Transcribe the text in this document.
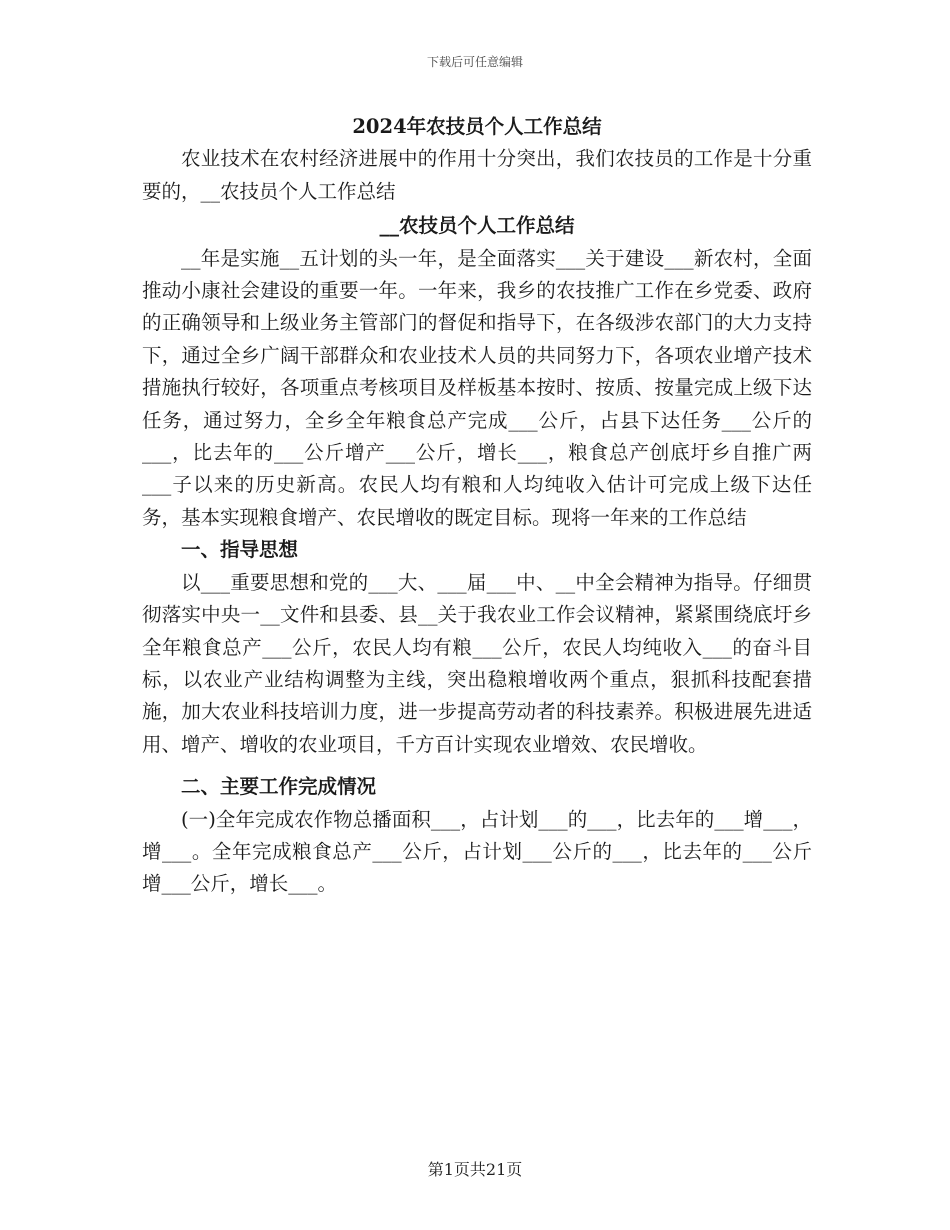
下载后可任意编辑

2024年农技员个人工作总结

农业技术在农村经济进展中的作用十分突出，我们农技员的工作是十分重要的，__农技员个人工作总结

__农技员个人工作总结

__年是实施__五计划的头一年，是全面落实___关于建设___新农村，全面推动小康社会建设的重要一年。一年来，我乡的农技推广工作在乡党委、政府的正确领导和上级业务主管部门的督促和指导下，在各级涉农部门的大力支持下，通过全乡广阔干部群众和农业技术人员的共同努力下，各项农业增产技术措施执行较好，各项重点考核项目及样板基本按时、按质、按量完成上级下达任务，通过努力，全乡全年粮食总产完成___公斤，占县下达任务___公斤的___，比去年的___公斤增产___公斤，增长___，粮食总产创底圩乡自推广两___子以来的历史新高。农民人均有粮和人均纯收入估计可完成上级下达任务，基本实现粮食增产、农民增收的既定目标。现将一年来的工作总结

一、指导思想

以___重要思想和党的___大、___届___中、__中全会精神为指导。仔细贯彻落实中央一__文件和县委、县__关于我农业工作会议精神，紧紧围绕底圩乡全年粮食总产___公斤，农民人均有粮___公斤，农民人均纯收入___的奋斗目标，以农业产业结构调整为主线，突出稳粮增收两个重点，狠抓科技配套措施，加大农业科技培训力度，进一步提高劳动者的科技素养。积极进展先进适用、增产、增收的农业项目，千方百计实现农业增效、农民增收。

二、主要工作完成情况

(一)全年完成农作物总播面积___，占计划___的___，比去年的___增___，增___。全年完成粮食总产___公斤，占计划___公斤的___，比去年的___公斤增___公斤，增长___。

第1页共21页
